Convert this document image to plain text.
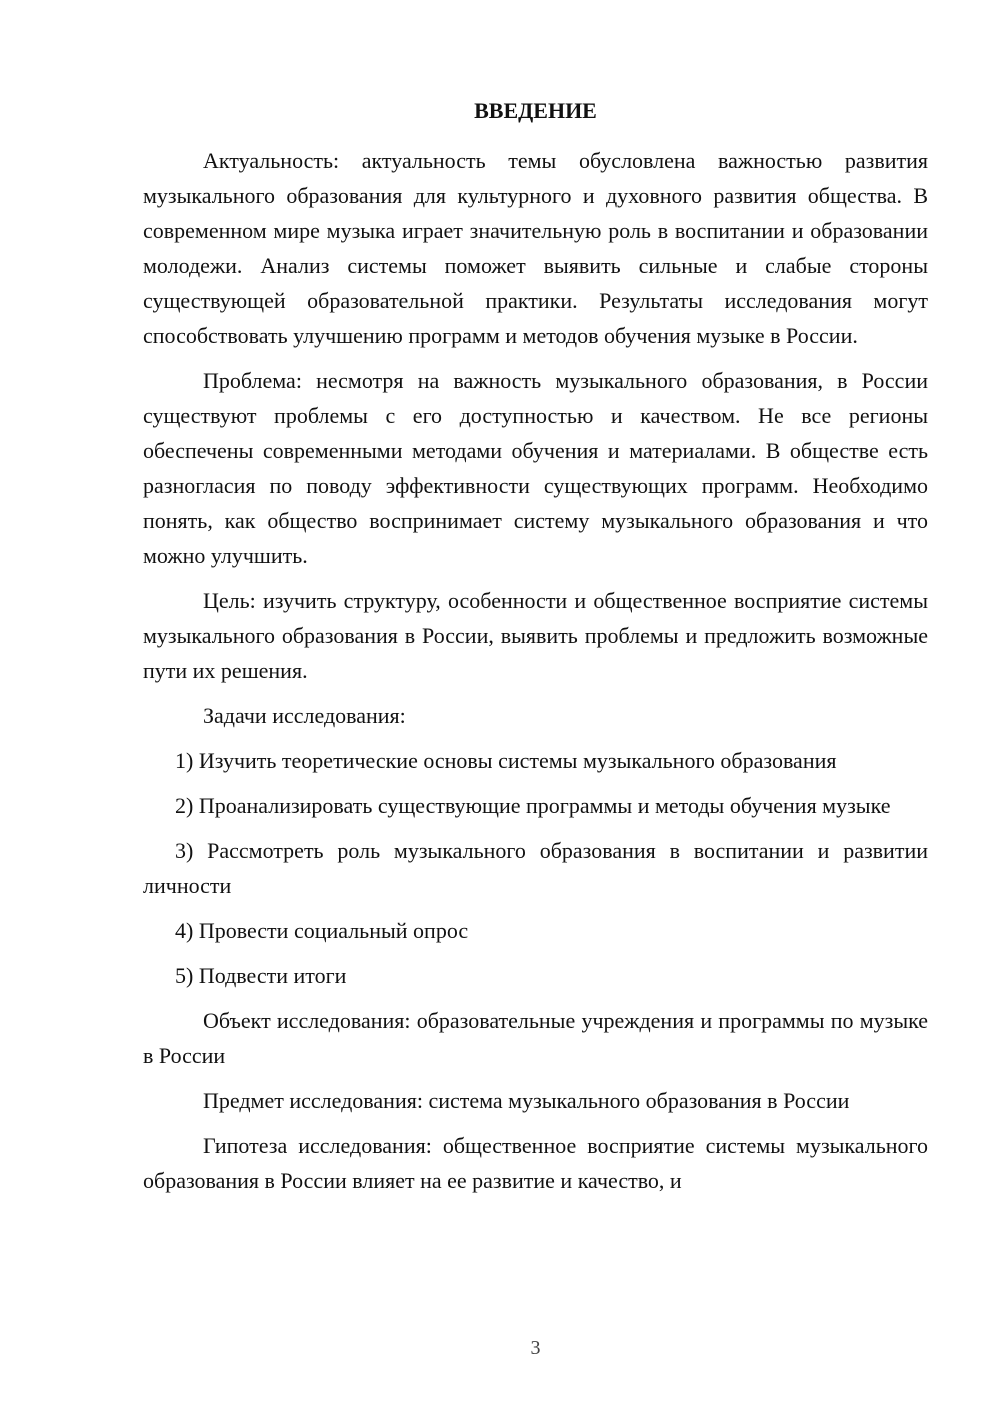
ВВЕДЕНИЕ

Актуальность: актуальность темы обусловлена важностью развития музыкального образования для культурного и духовного развития общества. В современном мире музыка играет значительную роль в воспитании и образовании молодежи. Анализ системы поможет выявить сильные и слабые стороны существующей образовательной практики. Результаты исследования могут способствовать улучшению программ и методов обучения музыке в России.

Проблема: несмотря на важность музыкального образования, в России существуют проблемы с его доступностью и качеством. Не все регионы обеспечены современными методами обучения и материалами. В обществе есть разногласия по поводу эффективности существующих программ. Необходимо понять, как общество воспринимает систему музыкального образования и что можно улучшить.

Цель: изучить структуру, особенности и общественное восприятие системы музыкального образования в России, выявить проблемы и предложить возможные пути их решения.

Задачи исследования:

1) Изучить теоретические основы системы музыкального образования

2) Проанализировать существующие программы и методы обучения музыке

3) Рассмотреть роль музыкального образования в воспитании и развитии личности

4) Провести социальный опрос

5) Подвести итоги

Объект исследования: образовательные учреждения и программы по музыке в России

Предмет исследования: система музыкального образования в России

Гипотеза исследования: общественное восприятие системы музыкального образования в России влияет на ее развитие и качество, и

3
